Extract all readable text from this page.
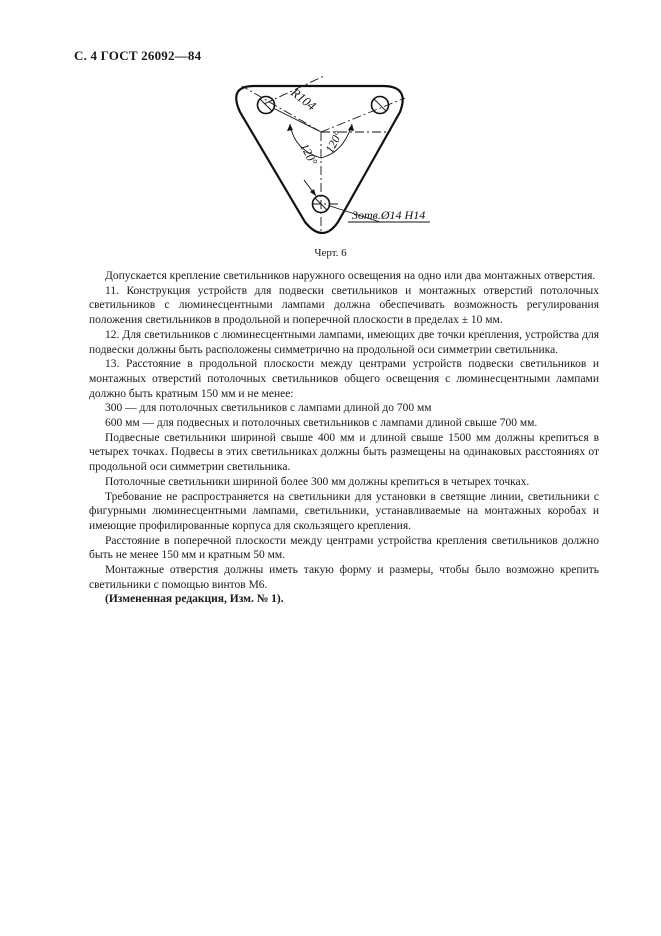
С. 4 ГОСТ 26092—84
R104
120° 120°
3отв.Ø14 Н14
Черт. 6

Допускается крепление светильников наружного освещения на одно или два монтажных отверстия.

11. Конструкция устройств для подвески светильников и монтажных отверстий потолочных светильников с люминесцентными лампами должна обеспечивать возможность регулирования положения светильников в продольной и поперечной плоскости в пределах ± 10 мм.

12. Для светильников с люминесцентными лампами, имеющих две точки крепления, устройства для подвески должны быть расположены симметрично на продольной оси симметрии светильника.

13. Расстояние в продольной плоскости между центрами устройств подвески светильников и монтажных отверстий потолочных светильников общего освещения с люминесцентными лампами должно быть кратным 150 мм и не менее:

300 — для потолочных светильников с лампами длиной до 700 мм

600 мм — для подвесных и потолочных светильников с лампами длиной свыше 700 мм.

Подвесные светильники шириной свыше 400 мм и длиной свыше 1500 мм должны крепиться в четырех точках. Подвесы в этих светильниках должны быть размещены на одинаковых расстояниях от продольной оси симметрии светильника.

Потолочные светильники шириной более 300 мм должны крепиться в четырех точках.

Требование не распространяется на светильники для установки в светящие линии, светильники с фигурными люминесцентными лампами, светильники, устанавливаемые на монтажных коробах и имеющие профилированные корпуса для скользящего крепления.

Расстояние в поперечной плоскости между центрами устройства крепления светильников должно быть не менее 150 мм и кратным 50 мм.

Монтажные отверстия должны иметь такую форму и размеры, чтобы было возможно крепить светильники с помощью винтов М6.

(Измененная редакция, Изм. № 1).
